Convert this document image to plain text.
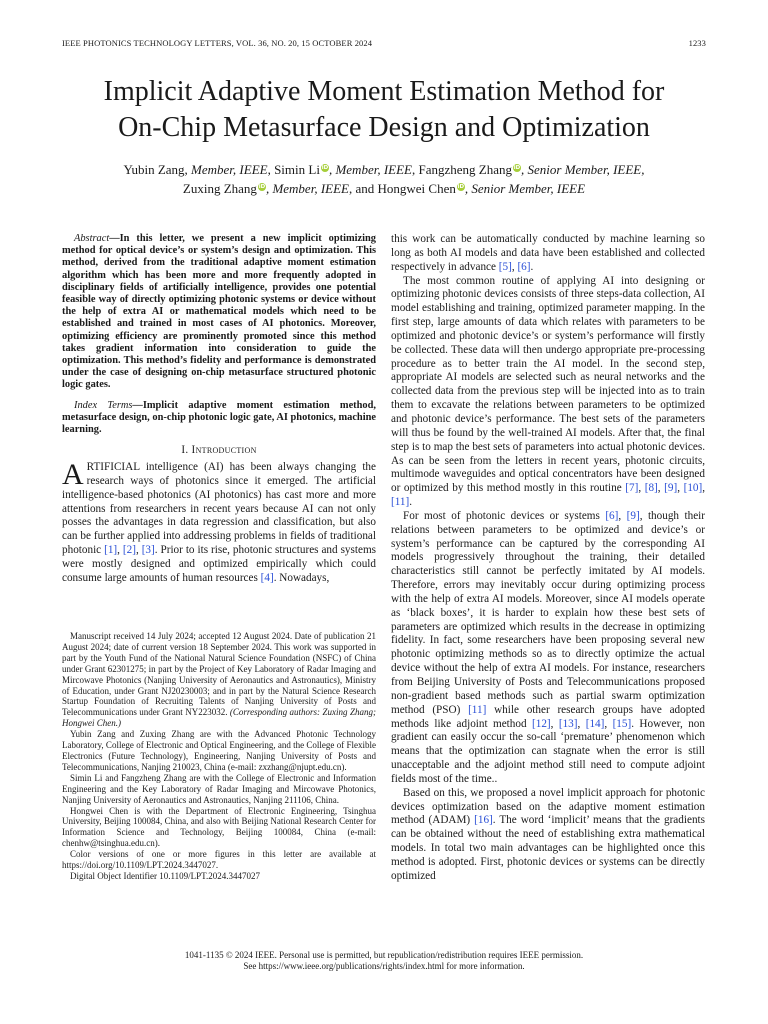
IEEE PHOTONICS TECHNOLOGY LETTERS, VOL. 36, NO. 20, 15 OCTOBER 2024	1233
Implicit Adaptive Moment Estimation Method for
On-Chip Metasurface Design and Optimization
Yubin Zang, Member, IEEE, Simin Li iD, Member, IEEE, Fangzheng Zhang iD, Senior Member, IEEE,
Zuxing Zhang iD, Member, IEEE, and Hongwei Chen iD, Senior Member, IEEE
Abstract—In this letter, we present a new implicit optimizing method for optical device’s or system’s design and optimization. This method, derived from the traditional adaptive moment estimation algorithm which has been more and more frequently adopted in disciplinary fields of artificially intelligence, provides one potential feasible way of directly optimizing photonic systems or device without the help of extra AI or mathematical models which need to be established and trained in most cases of AI photonics. Moreover, optimizing efficiency are prominently promoted since this method takes gradient information into consideration to guide the optimization. This method’s fidelity and performance is demonstrated under the case of designing on-chip metasurface structured photonic logic gates.
Index Terms—Implicit adaptive moment estimation method, metasurface design, on-chip photonic logic gate, AI photonics, machine learning.
I. Introduction

ARTIFICIAL intelligence (AI) has been always changing the research ways of photonics since it emerged. The artificial intelligence-based photonics (AI photonics) has cast more and more attentions from researchers in recent years because AI can not only posses the advantages in data regression and classification, but also can be further applied into addressing problems in fields of traditional photonic [1], [2], [3]. Prior to its rise, photonic structures and systems were mostly designed and optimized empirically which could consume large amounts of human resources [4]. Nowadays,

Manuscript received 14 July 2024; accepted 12 August 2024. Date of publication 21 August 2024; date of current version 18 September 2024. This work was supported in part by the Youth Fund of the National Natural Science Foundation (NSFC) of China under Grant 62301275; in part by the Project of Key Laboratory of Radar Imaging and Mircowave Photonics (Nanjing University of Aeronautics and Astronautics), Ministry of Education, under Grant NJ20230003; and in part by the Natural Science Research Startup Foundation of Recruiting Talents of Nanjing University of Posts and Telecommunications under Grant NY223032. (Corresponding authors: Zuxing Zhang; Hongwei Chen.)

Yubin Zang and Zuxing Zhang are with the Advanced Photonic Technology Laboratory, College of Electronic and Optical Engineering, and the College of Flexible Electronics (Future Technology), Engineering, Nanjing University of Posts and Telecommunications, Nanjing 210023, China (e-mail: zxzhang@njupt.edu.cn).

Simin Li and Fangzheng Zhang are with the College of Electronic and Information Engineering and the Key Laboratory of Radar Imaging and Mircowave Photonics, Nanjing University of Aeronautics and Astronautics, Nanjing 211106, China.

Hongwei Chen is with the Department of Electronic Engineering, Tsinghua University, Beijing 100084, China, and also with Beijing National Research Center for Information Science and Technology, Beijing 100084, China (e-mail: chenhw@tsinghua.edu.cn).

Color versions of one or more figures in this letter are available at https://doi.org/10.1109/LPT.2024.3447027.

Digital Object Identifier 10.1109/LPT.2024.3447027

this work can be automatically conducted by machine learning so long as both AI models and data have been established and collected respectively in advance [5], [6].

The most common routine of applying AI into designing or optimizing photonic devices consists of three steps-data collection, AI model establishing and training, optimized parameter mapping. In the first step, large amounts of data which relates with parameters to be optimized and photonic device’s or system’s performance will firstly be collected. These data will then undergo appropriate pre-processing procedure as to better train the AI model. In the second step, appropriate AI models are selected such as neural networks and the collected data from the previous step will be injected into as to train them to excavate the relations between parameters to be optimized and photonic device’s performance. The best sets of the parameters will thus be found by the well-trained AI models. After that, the final step is to map the best sets of parameters into actual photonic devices. As can be seen from the letters in recent years, photonic circuits, multimode waveguides and optical concentrators have been designed or optimized by this method mostly in this routine [7], [8], [9], [10], [11].

For most of photonic devices or systems [6], [9], though their relations between parameters to be optimized and device’s or system’s performance can be captured by the corresponding AI models progressively throughout the training, their detailed characteristics still cannot be perfectly imitated by AI models. Therefore, errors may inevitably occur during optimizing process with the help of extra AI models. Moreover, since AI models operate as ‘black boxes’, it is harder to explain how these best sets of parameters are optimized which results in the decrease in optimizing fidelity. In fact, some researchers have been proposing several new photonic optimizing methods so as to directly optimize the actual device without the help of extra AI models. For instance, researchers from Beijing University of Posts and Telecommunications proposed non-gradient based methods such as partial swarm optimization method (PSO) [11] while other research groups have adopted methods like adjoint method [12], [13], [14], [15]. However, non gradient can easily occur the so-call ‘premature’ phenomenon which means that the optimization can stagnate when the error is still unacceptable and the adjoint method still need to compute adjoint fields most of the time..

Based on this, we proposed a novel implicit approach for photonic devices optimization based on the adaptive moment estimation method (ADAM) [16]. The word ‘implicit’ means that the gradients can be obtained without the need of establishing extra mathematical models. In total two main advantages can be highlighted once this method is adopted. First, photonic devices or systems can be directly optimized

1041-1135 © 2024 IEEE. Personal use is permitted, but republication/redistribution requires IEEE permission.
See https://www.ieee.org/publications/rights/index.html for more information.
